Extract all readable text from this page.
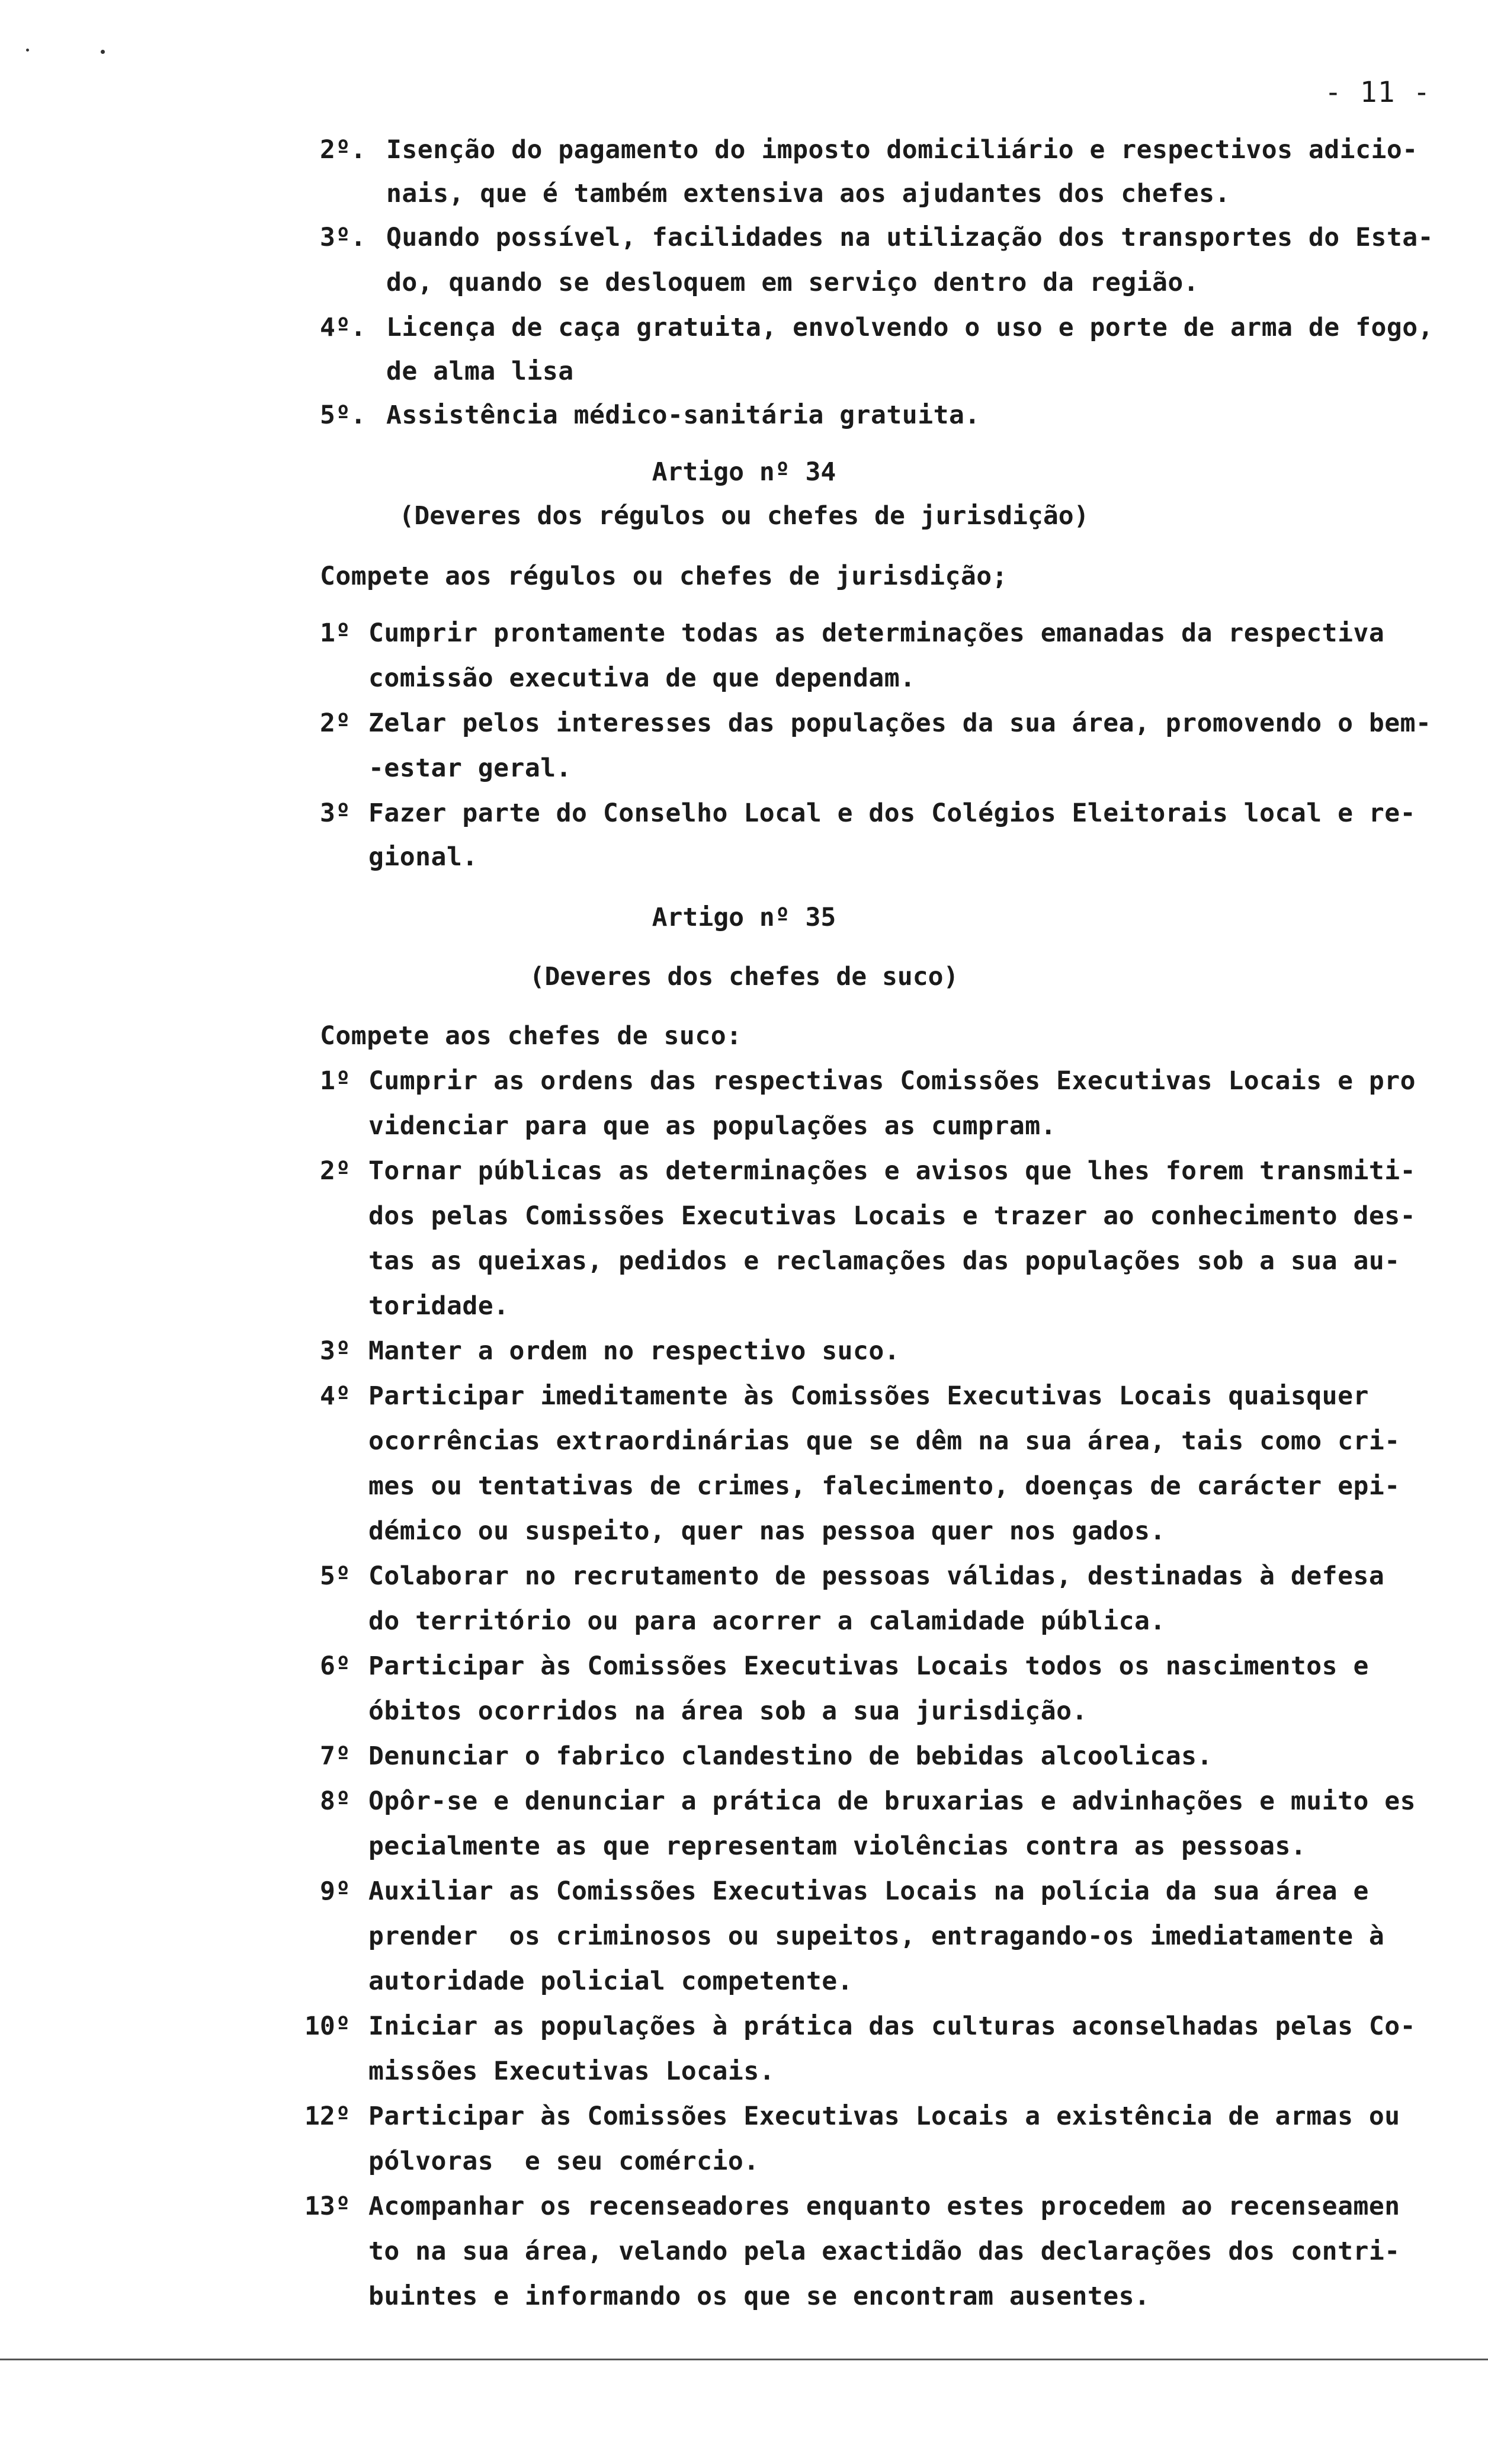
- 11 -
2º. Isenção do pagamento do imposto domiciliário e respectivos adicio-
nais, que é também extensiva aos ajudantes dos chefes.
3º. Quando possível, facilidades na utilização dos transportes do Esta-
do, quando se desloquem em serviço dentro da região.
4º. Licença de caça gratuita, envolvendo o uso e porte de arma de fogo,
de alma lisa
5º. Assistência médico-sanitária gratuita.
Artigo nº 34
(Deveres dos régulos ou chefes de jurisdição)
Compete aos régulos ou chefes de jurisdição;
1º Cumprir prontamente todas as determinações emanadas da respectiva
comissão executiva de que dependam.
2º Zelar pelos interesses das populações da sua área, promovendo o bem-
-estar geral.
3º Fazer parte do Conselho Local e dos Colégios Eleitorais local e re-
gional.
Artigo nº 35
(Deveres dos chefes de suco)
Compete aos chefes de suco:
1º Cumprir as ordens das respectivas Comissões Executivas Locais e pro
videnciar para que as populações as cumpram.
2º Tornar públicas as determinações e avisos que lhes forem transmiti-
dos pelas Comissões Executivas Locais e trazer ao conhecimento des-
tas as queixas, pedidos e reclamações das populações sob a sua au-
toridade.
3º Manter a ordem no respectivo suco.
4º Participar imeditamente às Comissões Executivas Locais quaisquer
ocorrências extraordinárias que se dêm na sua área, tais como cri-
mes ou tentativas de crimes, falecimento, doenças de carácter epi-
démico ou suspeito, quer nas pessoa quer nos gados.
5º Colaborar no recrutamento de pessoas válidas, destinadas à defesa
do território ou para acorrer a calamidade pública.
6º Participar às Comissões Executivas Locais todos os nascimentos e
óbitos ocorridos na área sob a sua jurisdição.
7º Denunciar o fabrico clandestino de bebidas alcoolicas.
8º Opôr-se e denunciar a prática de bruxarias e advinhações e muito es
pecialmente as que representam violências contra as pessoas.
9º Auxiliar as Comissões Executivas Locais na polícia da sua área e
prender  os criminosos ou supeitos, entragando-os imediatamente à
autoridade policial competente.
10º Iniciar as populações à prática das culturas aconselhadas pelas Co-
missões Executivas Locais.
12º Participar às Comissões Executivas Locais a existência de armas ou
pólvoras  e seu comércio.
13º Acompanhar os recenseadores enquanto estes procedem ao recenseamen
to na sua área, velando pela exactidão das declarações dos contri-
buintes e informando os que se encontram ausentes.
